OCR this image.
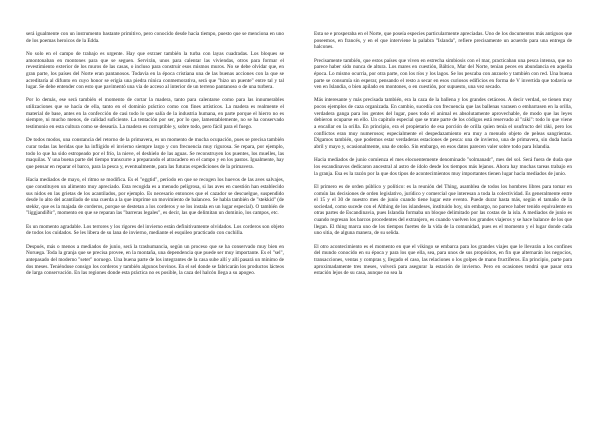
será igualmente con un instrumento bastante primitivo, pero conocido desde hacía tiempo, puesto que se menciona en uno de los poemas heroicos de la Edda.

No solo en el campo de trabajo es urgente. Hay que extraer también la turba con layas cuadradas. Los bloques se amontonaban en montones para que se seguen. Servirán, unos para calentar las viviendas, otros para formar el revestimiento exterior de los muros de las casas, o incluso para construir esos mismos muros. No se debe olvidar que, en gran parte, los países del Norte eran pantanosos. Todavía en la época cristiana una de las buenas acciones con la que se acreditaría al difunto en cuyo honor se erigía una piedra rúnica conmemorativa, será que "hizo un puente" entre tal y tal lugar. Se debe entender con esto que pavimentó una vía de acceso al interior de un terreno pantanoso o de una turbera.

Por lo demás, ese será también el momento de cortar la madera, tanto para calentarse como para las innumerables utilizaciones que se hacía de ella, tanto en el dominio práctico como con fines artísticos. La madera es realmente el material de base, antes en la confección de casi todo lo que salía de la industria humana, en parte porque el hierro no es siempre, ni mucho menos, de calidad suficiente. La tentación por ser, por lo que, lamentablemente, no se ha conservado testimonio en esta cultura como se desearía. La madera es corruptible y, sobre todo, pero fácil para el fuego.

De todos modos, una constancia del retorno de la primavera, es un momento de mucha ocupación, pues se precisa también curar todas las heridas que ha infligido el invierno siempre largo y con frecuencia muy rigurosa. Se repara, por ejemplo, todo lo que ha sido estropeado por el frío, la nieve, el deshielo de las aguas. Se reconstruyen los puentes, los muelles, las maquilas. Y una buena parte del tiempo transcurre a preparando el atracadero en el campo y en los pastos. Igualmente, hay que pensar en reparar el barco, para la pesca y, eventualmente, para las futuras expediciones de la primavera.

Hacia mediados de mayo, el ritmo se modifica. Es el "eggtid", período en que se recogen los huevos de las aves salvajes, que constituyen un alimento muy apreciado. Esta recogida es a menudo peligrosa, si las aves en cuestión han establecido sus nidos en las grietas de los acantilados, por ejemplo. Es necesario entonces que el cazador se descuelgue, suspendido desde lo alto del acantilado de una cuerda a la que imprime un movimiento de balanceo. Se habla también de "stekkid" (de stekkr, que es la majada de corderos, porque se destetan a los corderos y se los instala en un lugar especial). O también de "liggjandiðir", momento en que se reparan las "barreras legales", es decir, las que delimitan un dominio, los campos, etc.

Es un momento agradable. Los terrores y los rigores del invierno están definitivamente olvidados. Los corderos son objeto de todos los cuidados. Se les libera de su lana de invierno, mediante el esquileo practicado con cuchilla.

Después, más o menos a mediados de junio, será la trashumancia, según un proceso que se ha conservado muy bien en Noruega. Toda la granja que se precisa provee, en la montaña, una dependencia que puede ser muy importante. Es el "sel", antepasado del moderno "seter" noruego. Una buena parte de los integrantes de la casa sube allí y allí pasará un mínimo de dos meses. Teniéndose consigo los corderos y también algunos bovinos. En el sel donde se fabricarán los productos lácteos de larga conservación. En las regiones donde esta práctica no es posible, la caza del halcón llega a su apogeo.

Esta se e prosperaba en el Norte, que poseía especies particularmente apreciadas. Uno de los documentos más antiguos que poseemos, en francés, y en el que interviene la palabra "Islanda", refiere precisamente un acuerdo para una entrega de halcones.

Precisamente también, que estos países que viven en estrecha simbiosis con el mar, practicaban una pesca intensa, que no parece haber sido nunca de altura. Los mares en cuestión, Báltico, Mar del Norte, tenían peces en abundancia en aquella época. Lo mismo ocurría, por otra parte, con los ríos y los lagos. Se los pescaba con anzuelo y también con red. Una buena parte se consumía sin esperar, pensando el resto a secar en esos curiosos edificios en forma de V invertida que todavía se ven en Islandia, o bien apilado en montones, o en cuestión, por supuesto, una vez secado.

Más interesante y más precisada también, era la caza de la ballena y los grandes cetáceos. A decir verdad, se tienen muy pocos ejemplos de caza organizada. En cambio, sucedía con frecuencia que las ballenas varasen o embarrasen en la orilla, verdadera ganga para los gentes del lugar, pues todo el animal es absolutamente aprovechable, de modo que las leyes debieron ocuparse en ello. Un capítulo especial que se trate parte de los códigos está reservado al "ráki": todo lo que viene a encallar en la orilla. En principio, era el propietario de esa porción de orilla quien tenía el usufructo del ráki, pero los conflictos eran muy numerosos; especialmente el despedazamiento era muy a menudo objeto de peleas sangrientas. Digamos también, que podemos estar verdaderas estaciones de pesca: una de invierno, una de primavera, sin duda hacia abril y mayo y, ocasionalmente, una de otoño. Sin embargo, en esos datos parecen valer sobre todo para Islandia.

Hacia mediados de junio comienza el mes elocuentemente denominado "solmanadr", mes del sol. Será fuera de duda que los escandinavos dedicaron ancestral al astro de ídolo desde los tiempos más lejanos. Ahora hay muchas tareas trabajo en la granja. Esa es la razón por la que dos tipos de acontecimientos muy importantes tienen lugar hacia mediados de junio.

El primero es de orden público y político: es la reunión del Thing, asamblea de todos los hombres libres para tomar en común las decisiones de orden legislativo, jurídico y comercial que interesan a toda la colectividad. Es generalmente entre el 15 y el 30 de nuestro mes de junio cuando tiene lugar este evento. Puede durar hasta más, según el tamaño de la sociedad, como sucede con el Althing de los islandeses, instituido hoy, sin embargo, no parece haber tenido equivalente en otras partes de Escandinavia, pues Islandia formaba un bloque delimitado por las costas de la isla. A mediados de junio es cuando regresan los barcos procedentes del extranjero, es cuando vuelven los grandes viajeros y se hace balance de los que llegan. El thing marca uno de los tiempos fuertes de la vida de la comunidad, pues es el momento y el lugar donde cada uno sitia, de alguna manera, de su señda.

El otro acontecimiento es el momento en que el vikingo se embarca para los grandes viajes que le llevarán a los confines del mundo conocido en su época y para los que ella, sea, para unos de sus propósitos, en fin que alternarán los negocios, transacciones, ventas y compras y, llegado el caso, las relaciones o los golpes de mano fructíferos. En principio, parte para aproximadamente tres meses, volverá para asegurar la estación de invierno. Pero en ocasiones tendrá que pasar otra estación lejos de su casa, aunque no sea la
